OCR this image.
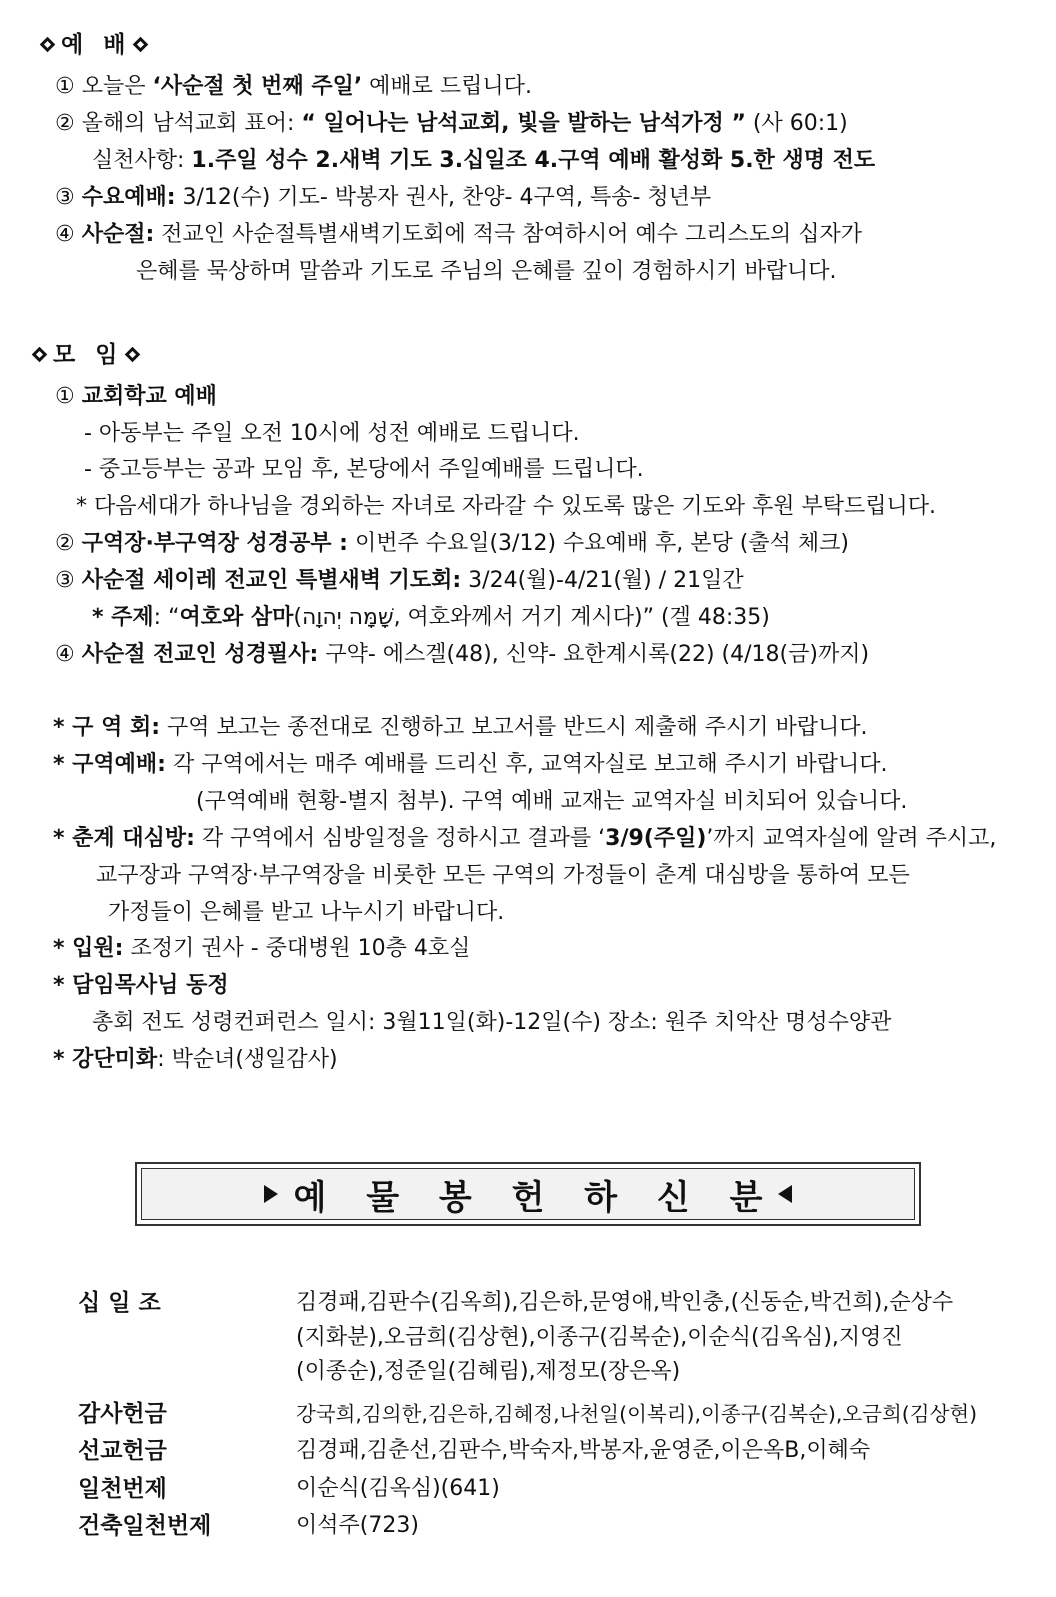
예 배
① 오늘은 ‘사순절 첫 번째 주일’ 예배로 드립니다.
② 올해의 남석교회 표어: “ 일어나는 남석교회, 빛을 발하는 남석가정 ” (사 60:1)
실천사항: 1.주일 성수 2.새벽 기도 3.십일조 4.구역 예배 활성화 5.한 생명 전도
③ 수요예배: 3/12(수) 기도- 박봉자 권사, 찬양- 4구역, 특송- 청년부
④ 사순절: 전교인 사순절특별새벽기도회에 적극 참여하시어 예수 그리스도의 십자가
은혜를 묵상하며 말씀과 기도로 주님의 은혜를 깊이 경험하시기 바랍니다.
모 임
① 교회학교 예배
- 아동부는 주일 오전 10시에 성전 예배로 드립니다.
- 중고등부는 공과 모임 후, 본당에서 주일예배를 드립니다.
* 다음세대가 하나님을 경외하는 자녀로 자라갈 수 있도록 많은 기도와 후원 부탁드립니다.
② 구역장·부구역장 성경공부 : 이번주 수요일(3/12) 수요예배 후, 본당 (출석 체크)
③ 사순절 세이레 전교인 특별새벽 기도회: 3/24(월)-4/21(월) / 21일간
* 주제: “여호와 삼마(שָׁמָּה יְהוָה, 여호와께서 거기 계시다)” (겔 48:35)
④ 사순절 전교인 성경필사: 구약- 에스겔(48), 신약- 요한계시록(22) (4/18(금)까지)
* 구 역 회: 구역 보고는 종전대로 진행하고 보고서를 반드시 제출해 주시기 바랍니다.
* 구역예배: 각 구역에서는 매주 예배를 드리신 후, 교역자실로 보고해 주시기 바랍니다.
(구역예배 현황-별지 첨부). 구역 예배 교재는 교역자실 비치되어 있습니다.
* 춘계 대심방: 각 구역에서 심방일정을 정하시고 결과를 ‘3/9(주일)’까지 교역자실에 알려 주시고,
교구장과 구역장·부구역장을 비롯한 모든 구역의 가정들이 춘계 대심방을 통하여 모든
가정들이 은혜를 받고 나누시기 바랍니다.
* 입원: 조정기 권사 - 중대병원 10층 4호실
* 담임목사님 동정
총회 전도 성령컨퍼런스 일시: 3월11일(화)-12일(수) 장소: 원주 치악산 명성수양관
* 강단미화: 박순녀(생일감사)
예 물 봉 헌 하 신 분
십 일 조	김경패,김판수(김옥희),김은하,문영애,박인충,(신동순,박건희),순상수
(지화분),오금희(김상현),이종구(김복순),이순식(김옥심),지영진
(이종순),정준일(김혜림),제정모(장은옥)
감사헌금	강국희,김의한,김은하,김혜정,나천일(이복리),이종구(김복순),오금희(김상현)
선교헌금	김경패,김춘선,김판수,박숙자,박봉자,윤영준,이은옥B,이혜숙
일천번제	이순식(김옥심)(641)
건축일천번제	이석주(723)
